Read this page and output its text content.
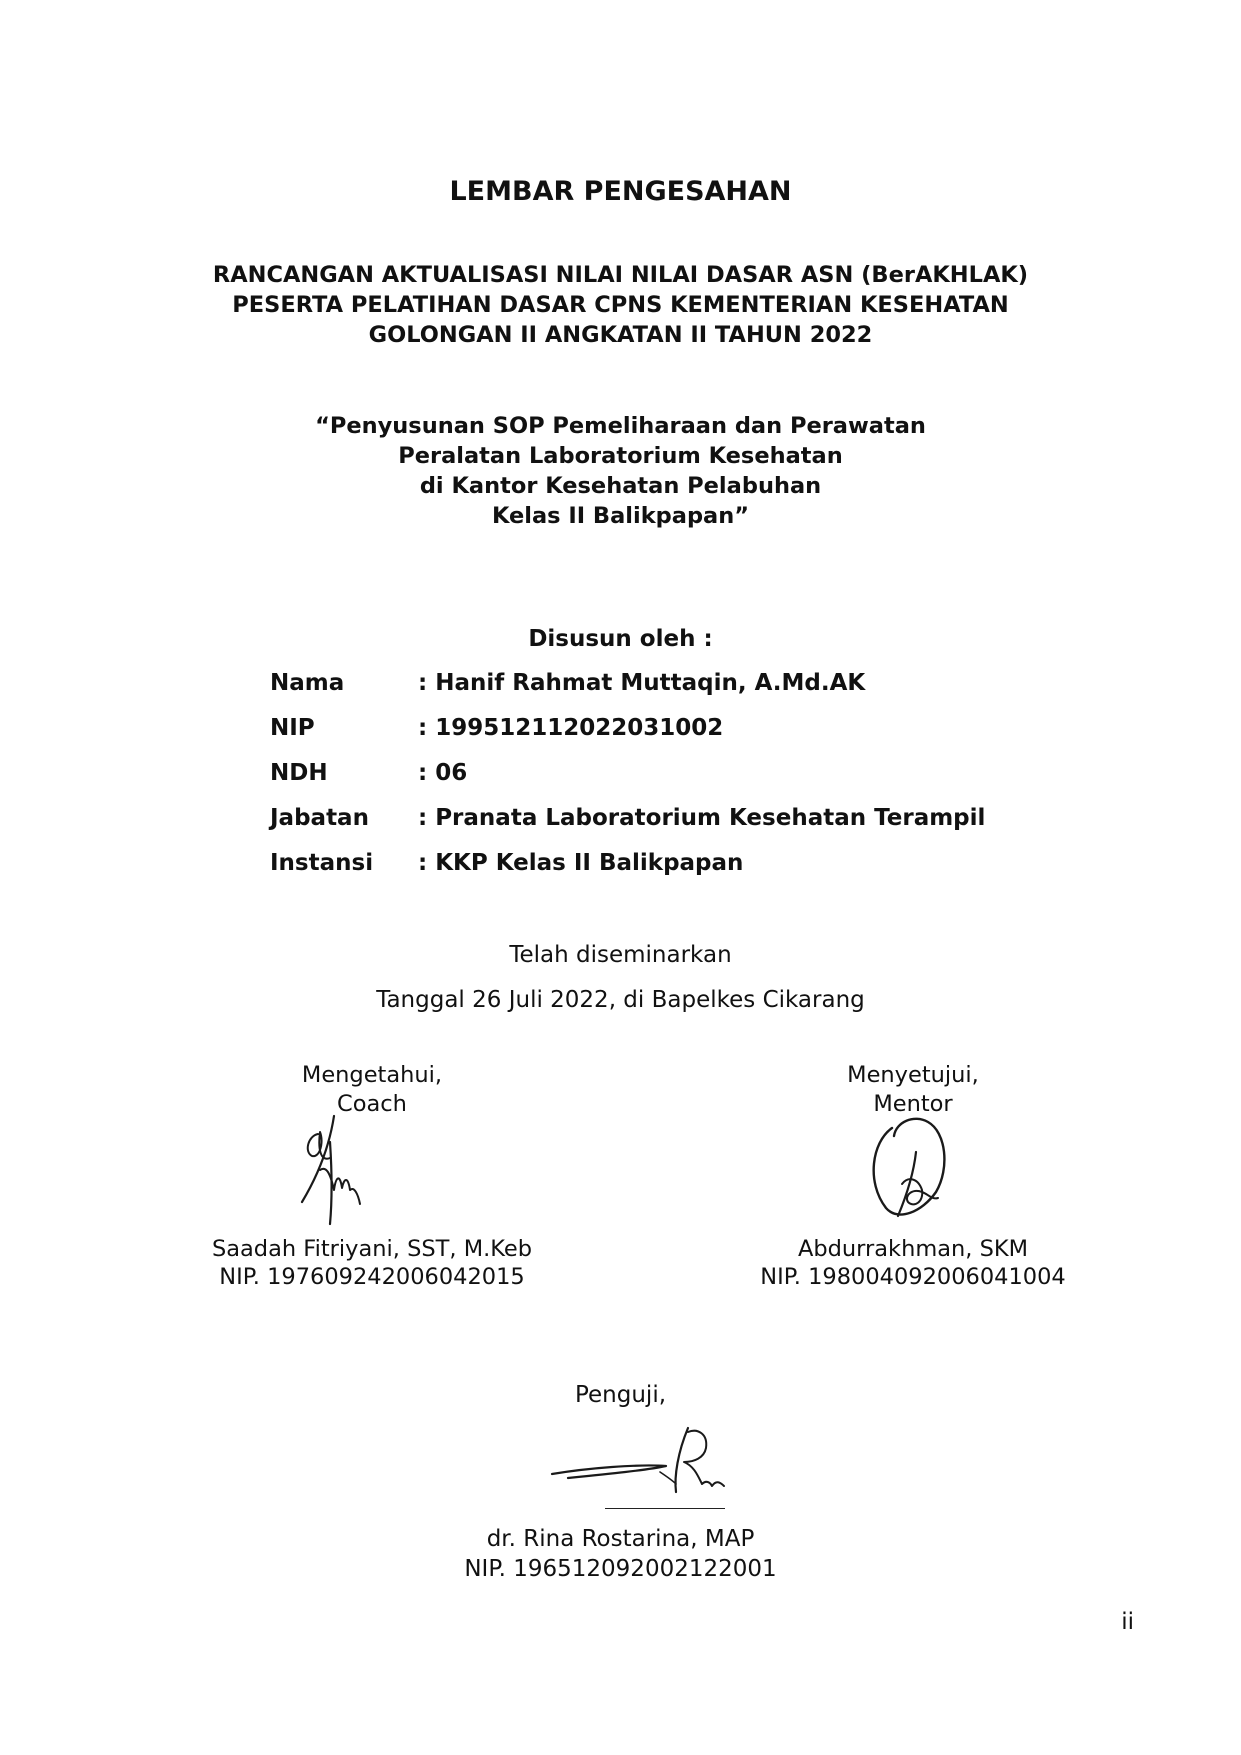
LEMBAR PENGESAHAN
RANCANGAN AKTUALISASI NILAI NILAI DASAR ASN (BerAKHLAK)
PESERTA PELATIHAN DASAR CPNS KEMENTERIAN KESEHATAN
GOLONGAN II ANGKATAN II TAHUN 2022
“Penyusunan SOP Pemeliharaan dan Perawatan
Peralatan Laboratorium Kesehatan
di Kantor Kesehatan Pelabuhan
Kelas II Balikpapan”
Disusun oleh :
Nama	: Hanif Rahmat Muttaqin, A.Md.AK
NIP	: 199512112022031002
NDH	: 06
Jabatan : Pranata Laboratorium Kesehatan Terampil
Instansi : KKP Kelas II Balikpapan
Telah diseminarkan
Tanggal 26 Juli 2022, di Bapelkes Cikarang
Mengetahui,
Coach
Saadah Fitriyani, SST, M.Keb
NIP. 197609242006042015
Menyetujui,
Mentor
Abdurrakhman, SKM
NIP. 198004092006041004
Penguji,
dr. Rina Rostarina, MAP
NIP. 196512092002122001
ii
